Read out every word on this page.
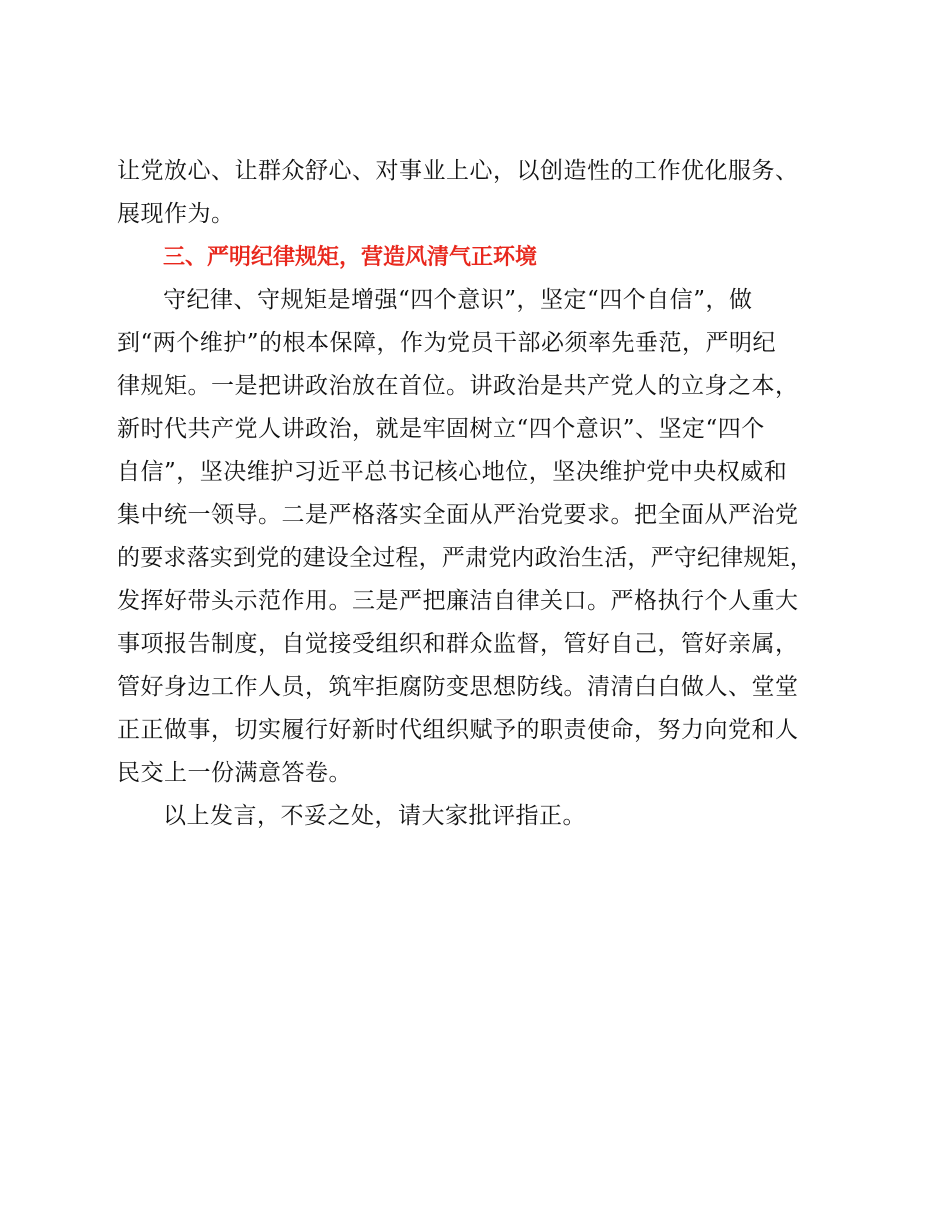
让党放心、让群众舒心、对事业上心，以创造性的工作优化服务、
展现作为。
三、严明纪律规矩，营造风清气正环境
守纪律、守规矩是增强“四个意识”，坚定“四个自信”，做
到“两个维护”的根本保障，作为党员干部必须率先垂范，严明纪
律规矩。一是把讲政治放在首位。讲政治是共产党人的立身之本，
新时代共产党人讲政治，就是牢固树立“四个意识”、坚定“四个
自信”，坚决维护习近平总书记核心地位，坚决维护党中央权威和
集中统一领导。二是严格落实全面从严治党要求。把全面从严治党
的要求落实到党的建设全过程，严肃党内政治生活，严守纪律规矩，
发挥好带头示范作用。三是严把廉洁自律关口。严格执行个人重大
事项报告制度，自觉接受组织和群众监督，管好自己，管好亲属，
管好身边工作人员，筑牢拒腐防变思想防线。清清白白做人、堂堂
正正做事，切实履行好新时代组织赋予的职责使命，努力向党和人
民交上一份满意答卷。
以上发言，不妥之处，请大家批评指正。
